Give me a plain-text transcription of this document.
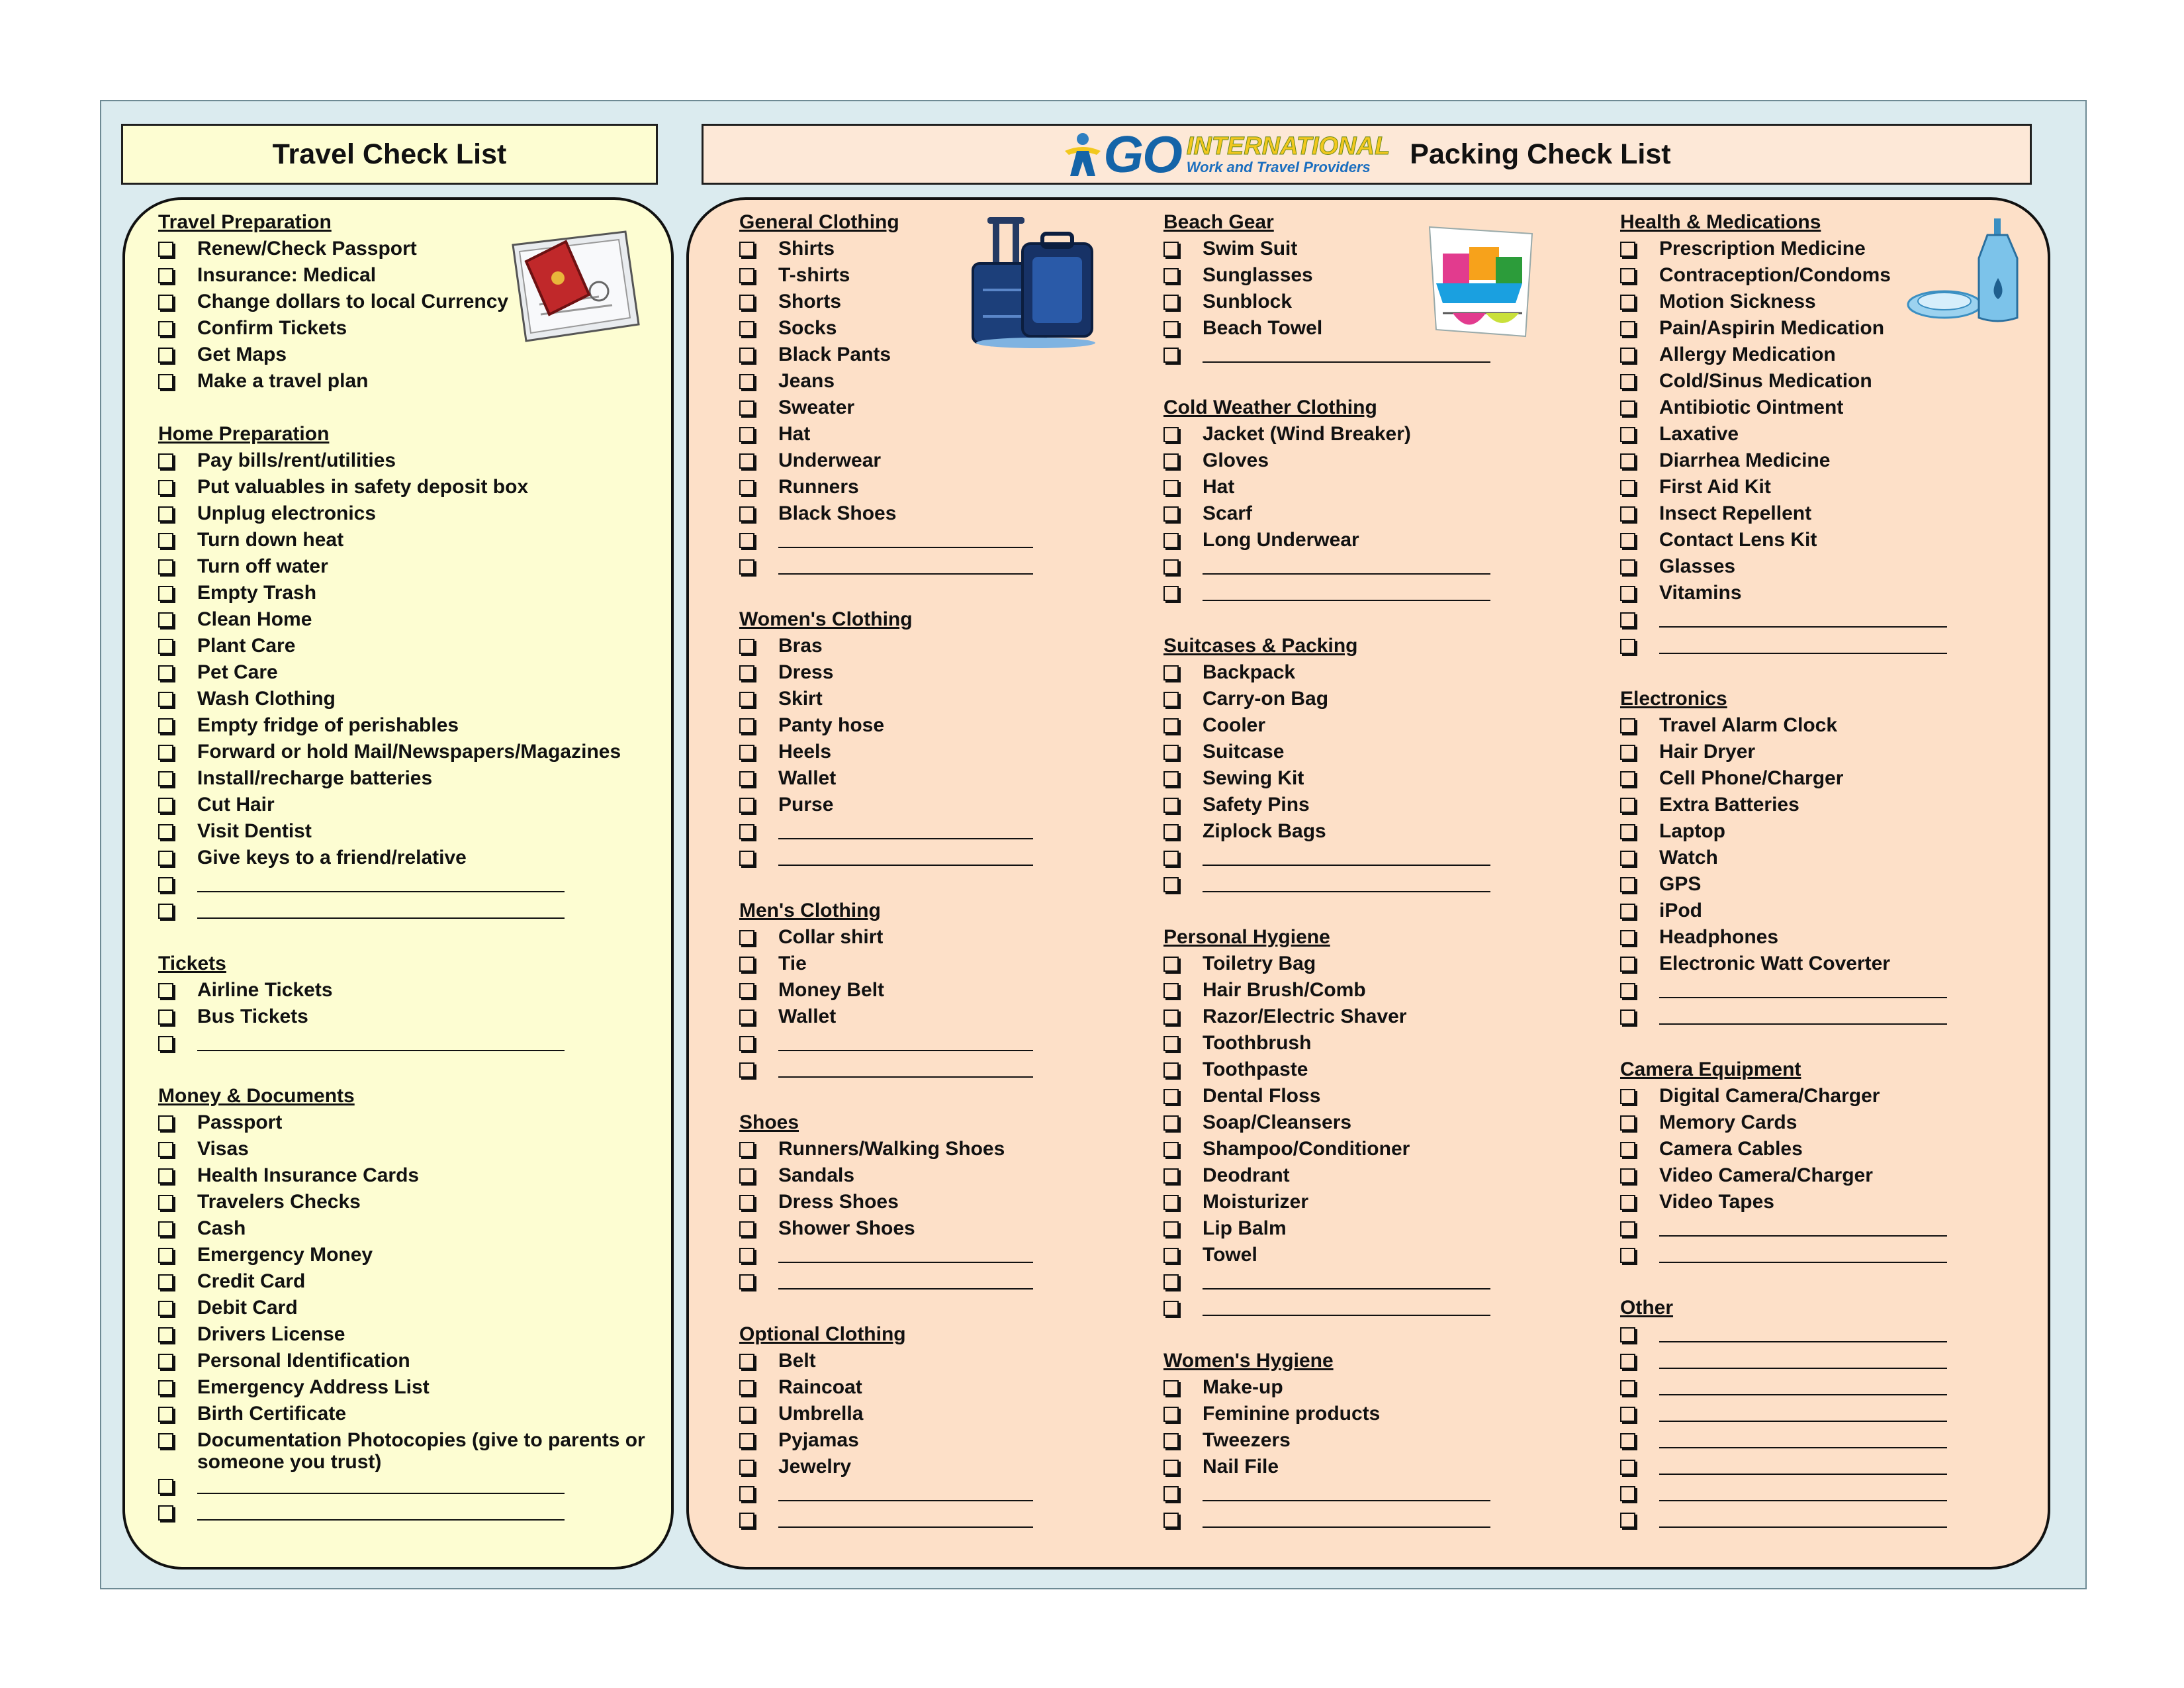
Travel Check List	GO INTERNATIONAL
Work and Travel Providers	Packing Check List
Travel Preparation
Renew/Check Passport
Insurance: Medical
Change dollars to local Currency
Confirm Tickets
Get Maps
Make a travel plan
Home Preparation
Pay bills/rent/utilities
Put valuables in safety deposit box
Unplug electronics
Turn down heat
Turn off water
Empty Trash
Clean Home
Plant Care
Pet Care
Wash Clothing
Empty fridge of perishables
Forward or hold Mail/Newspapers/Magazines
Install/recharge batteries
Cut Hair
Visit Dentist
Give keys to a friend/relative
Tickets
Airline Tickets
Bus Tickets
Money & Documents
Passport
Visas
Health Insurance Cards
Travelers Checks
Cash
Emergency Money
Credit Card
Debit Card
Drivers License
Personal Identification
Emergency Address List
Birth Certificate
Documentation Photocopies (give to parents or someone you trust)
General Clothing
Shirts
T-shirts
Shorts
Socks
Black Pants
Jeans
Sweater
Hat
Underwear
Runners
Black Shoes
Women's Clothing
Bras
Dress
Skirt
Panty hose
Heels
Wallet
Purse
Men's Clothing
Collar shirt
Tie
Money Belt
Wallet
Shoes
Runners/Walking Shoes
Sandals
Dress Shoes
Shower Shoes
Optional Clothing
Belt
Raincoat
Umbrella
Pyjamas
Jewelry
Beach Gear
Swim Suit
Sunglasses
Sunblock
Beach Towel
Cold Weather Clothing
Jacket (Wind Breaker)
Gloves
Hat
Scarf
Long Underwear
Suitcases & Packing
Backpack
Carry-on Bag
Cooler
Suitcase
Sewing Kit
Safety Pins
Ziplock Bags
Personal Hygiene
Toiletry Bag
Hair Brush/Comb
Razor/Electric Shaver
Toothbrush
Toothpaste
Dental Floss
Soap/Cleansers
Shampoo/Conditioner
Deodrant
Moisturizer
Lip Balm
Towel
Women's Hygiene
Make-up
Feminine products
Tweezers
Nail File
Health & Medications
Prescription Medicine
Contraception/Condoms
Motion Sickness
Pain/Aspirin Medication
Allergy Medication
Cold/Sinus Medication
Antibiotic Ointment
Laxative
Diarrhea Medicine
First Aid Kit
Insect Repellent
Contact Lens Kit
Glasses
Vitamins
Electronics
Travel Alarm Clock
Hair Dryer
Cell Phone/Charger
Extra Batteries
Laptop
Watch
GPS
iPod
Headphones
Electronic Watt Coverter
Camera Equipment
Digital Camera/Charger
Memory Cards
Camera Cables
Video Camera/Charger
Video Tapes
Other
